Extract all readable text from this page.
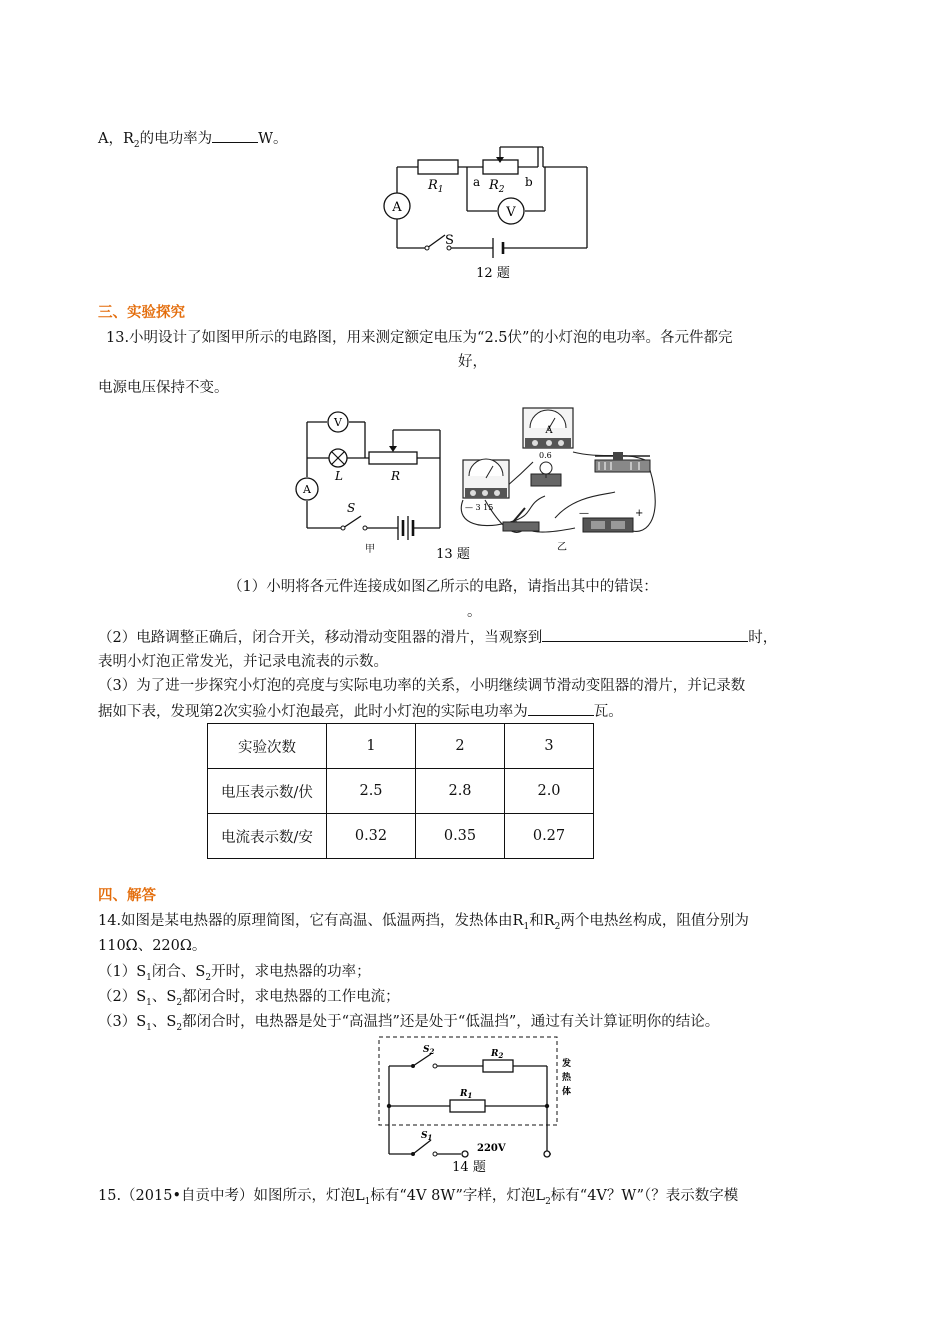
A，$R_2$的电功率为	W。
A	V
$R_1$
a $R_2$
b
S
12 题
三、实验探究
13.小明设计了如图甲所示的电路图，用来测定额定电压为“2.5伏”的小灯泡的电功率。各元件都完
好，
电源电压保持不变。
V
A
L	R
S
甲	13 题
— 3 15
A
0.6
—	+
乙
（1）小明将各元件连接成如图乙所示的电路，请指出其中的错误：
。
（2）电路调整正确后，闭合开关，移动滑动变阻器的滑片，当观察到	时，
表明小灯泡正常发光，并记录电流表的示数。
（3）为了进一步探究小灯泡的亮度与实际电功率的关系，小明继续调节滑动变阻器的滑片，并记录数
据如下表，发现第2次实验小灯泡最亮，此时小灯泡的实际电功率为	瓦。
实验次数	1	2	3
电压表示数/伏	2.5	2.8	2.0
电流表示数/安	0.32	0.35	0.27
四、解答
14.如图是某电热器的原理简图，它有高温、低温两挡，发热体由$R_1$和$R_2$两个电热丝构成，阻值分别为
110Ω、220Ω。
$(1)S_1$闭合、$S_2$开时，求电热器的功率；
$(2)S_1$、$S_2$都闭合时，求电热器的工作电流；
$(3)S_1$、$S_2$都闭合时，电热器是处于“高温挡”还是处于“低温挡”，通过有关计算证明你的结论。
$S_2$	$R_2$
$R_1$
$S_1$
220V
发
热
体
14 题
15.（2015•自贡中考）如图所示，灯泡$L_1$标有“4V 8W”字样，灯泡$L_2$标有“4V？W”（？表示数字模
